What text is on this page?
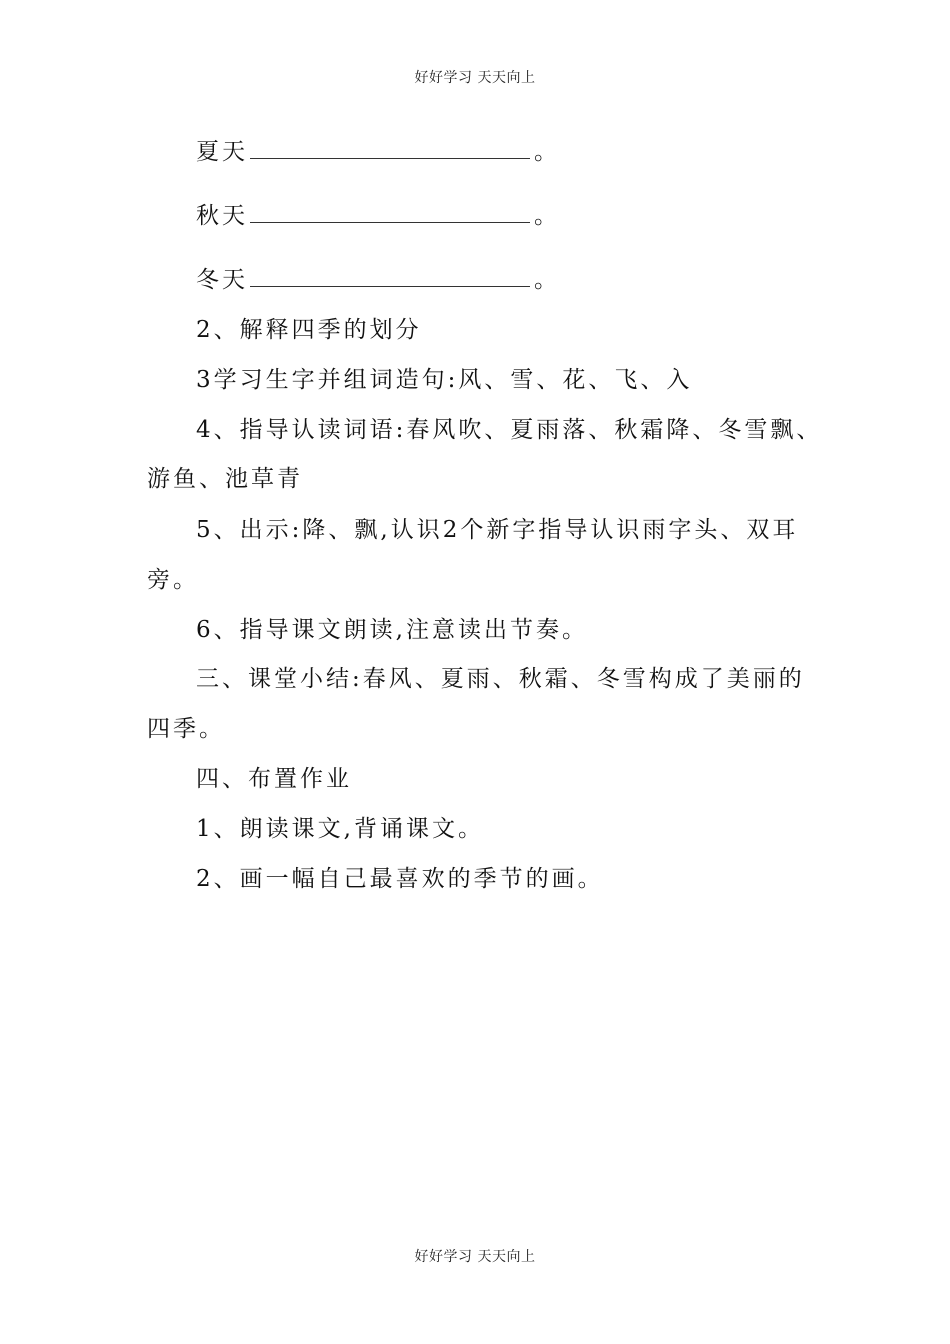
好好学习 天天向上
夏天	。
秋天	。
冬天	。
2、解释四季的划分
3学习生字并组词造句:风、雪、花、飞、入
4、指导认读词语:春风吹、夏雨落、秋霜降、冬雪飘、
游鱼、池草青
5、出示:降、飘,认识2个新字指导认识雨字头、双耳
旁。
6、指导课文朗读,注意读出节奏。
三、课堂小结:春风、夏雨、秋霜、冬雪构成了美丽的
四季。
四、布置作业
1、朗读课文,背诵课文。
2、画一幅自己最喜欢的季节的画。
好好学习 天天向上
